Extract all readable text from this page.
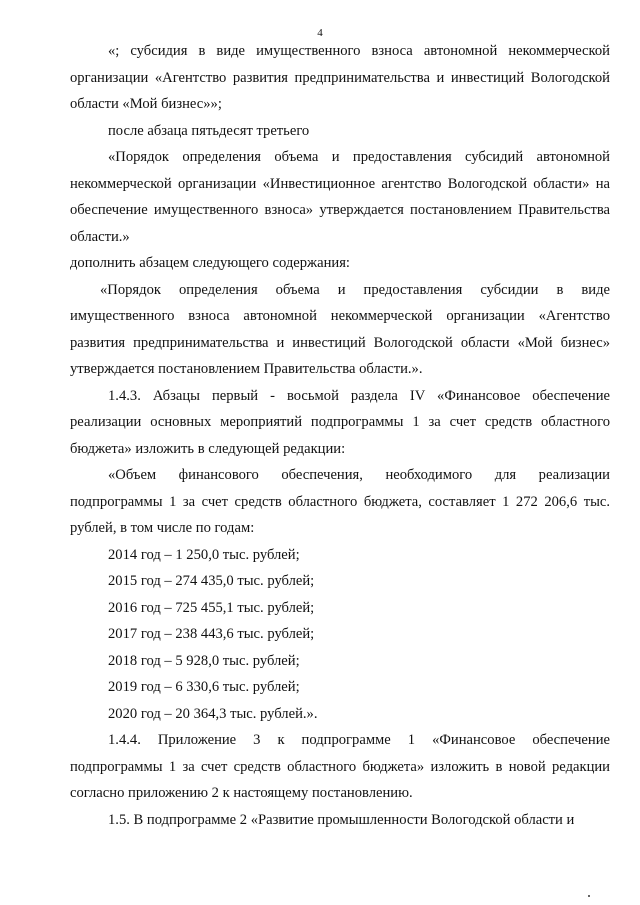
4

«; субсидия в виде имущественного взноса автономной некоммерческой организации «Агентство развития предпринимательства и инвестиций Вологодской области «Мой бизнес»»;

после абзаца пятьдесят третьего

«Порядок определения объема и предоставления субсидий автономной некоммерческой организации «Инвестиционное агентство Вологодской области» на обеспечение имущественного взноса» утверждается постановлением Правительства области.»

дополнить абзацем следующего содержания:

«Порядок определения объема и предоставления субсидии в виде имущественного взноса автономной некоммерческой организации «Агентство развития предпринимательства и инвестиций Вологодской области «Мой бизнес» утверждается постановлением Правительства области.».

1.4.3. Абзацы первый - восьмой раздела IV «Финансовое обеспечение реализации основных мероприятий подпрограммы 1 за счет средств областного бюджета» изложить в следующей редакции:

«Объем финансового обеспечения, необходимого для реализации подпрограммы 1 за счет средств областного бюджета, составляет 1 272 206,6 тыс. рублей, в том числе по годам:

2014 год – 1 250,0 тыс. рублей;

2015 год – 274 435,0 тыс. рублей;

2016 год – 725 455,1 тыс. рублей;

2017 год – 238 443,6 тыс. рублей;

2018 год – 5 928,0 тыс. рублей;

2019 год – 6 330,6 тыс. рублей;

2020 год – 20 364,3 тыс. рублей.».

1.4.4. Приложение 3 к подпрограмме 1 «Финансовое обеспечение подпрограммы 1 за счет средств областного бюджета» изложить в новой редакции согласно приложению 2 к настоящему постановлению.

1.5. В подпрограмме 2 «Развитие промышленности Вологодской области и
